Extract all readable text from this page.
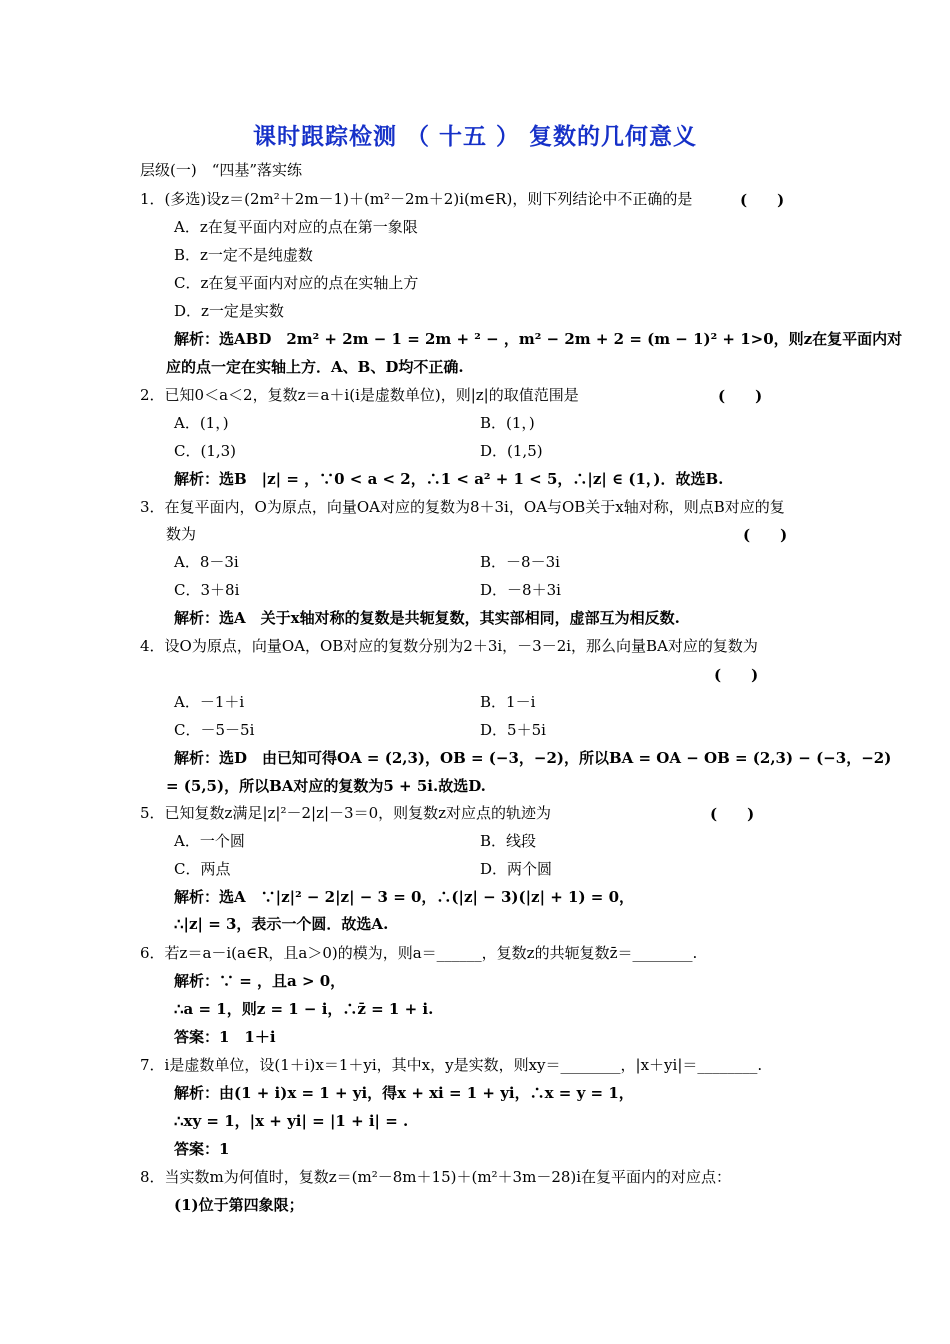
课时跟踪检测 （ 十五 ） 复数的几何意义
层级(一)　“四基”落实练
1．(多选)设z＝(2m²＋2m－1)＋(m²－2m＋2)i(m∈R)，则下列结论中不正确的是	(　　)
A．z在复平面内对应的点在第一象限
B．z一定不是纯虚数
C．z在复平面内对应的点在实轴上方
D．z一定是实数
解析：选ABD　2m² + 2m − 1 = 2m + ² − ，m² − 2m + 2 = (m − 1)² + 1>0，则z在复平面内对
应的点一定在实轴上方．A、B、D均不正确.
2．已知0＜a＜2，复数z＝a＋i(i是虚数单位)，则|z|的取值范围是	(　　)
A．(1，)	B．(1，)
C．(1,3)	D．(1,5)
解析：选B　|z| = ，∵0 < a < 2，∴1 < a² + 1 < 5，∴|z| ∈ (1，)．故选B.
3．在复平面内，O为原点，向量OA对应的复数为8＋3i，OA与OB关于x轴对称，则点B对应的复
数为	(　　)
A．8－3i	B．－8－3i
C．3＋8i	D．－8＋3i
解析：选A　关于x轴对称的复数是共轭复数，其实部相同，虚部互为相反数.
4．设O为原点，向量OA，OB对应的复数分别为2＋3i，－3－2i，那么向量BA对应的复数为
(　　)
A．－1＋i	B．1－i
C．－5－5i	D．5＋5i
解析：选D　由已知可得OA = (2,3)，OB = (−3，−2)，所以BA = OA − OB = (2,3) − (−3，−2)
= (5,5)，所以BA对应的复数为5 + 5i.故选D.
5．已知复数z满足|z|²－2|z|－3＝0，则复数z对应点的轨迹为	(　　)
A．一个圆	B．线段
C．两点	D．两个圆
解析：选A　∵|z|² − 2|z| − 3 = 0，∴(|z| − 3)(|z| + 1) = 0，
∴|z| = 3，表示一个圆．故选A.
6．若z＝a－i(a∈R，且a＞0)的模为，则a＝______，复数z的共轭复数z̄＝________.
解析：∵ = ，且a > 0，
∴a = 1，则z = 1 − i，∴z̄ = 1 + i.
答案：1　1＋i
7．i是虚数单位，设(1＋i)x＝1＋yi，其中x，y是实数，则xy＝________，|x＋yi|＝________.
解析：由(1 + i)x = 1 + yi，得x + xi = 1 + yi，∴x = y = 1，
∴xy = 1，|x + yi| = |1 + i| = .
答案：1
8．当实数m为何值时，复数z＝(m²－8m＋15)＋(m²＋3m－28)i在复平面内的对应点：
(1)位于第四象限；
